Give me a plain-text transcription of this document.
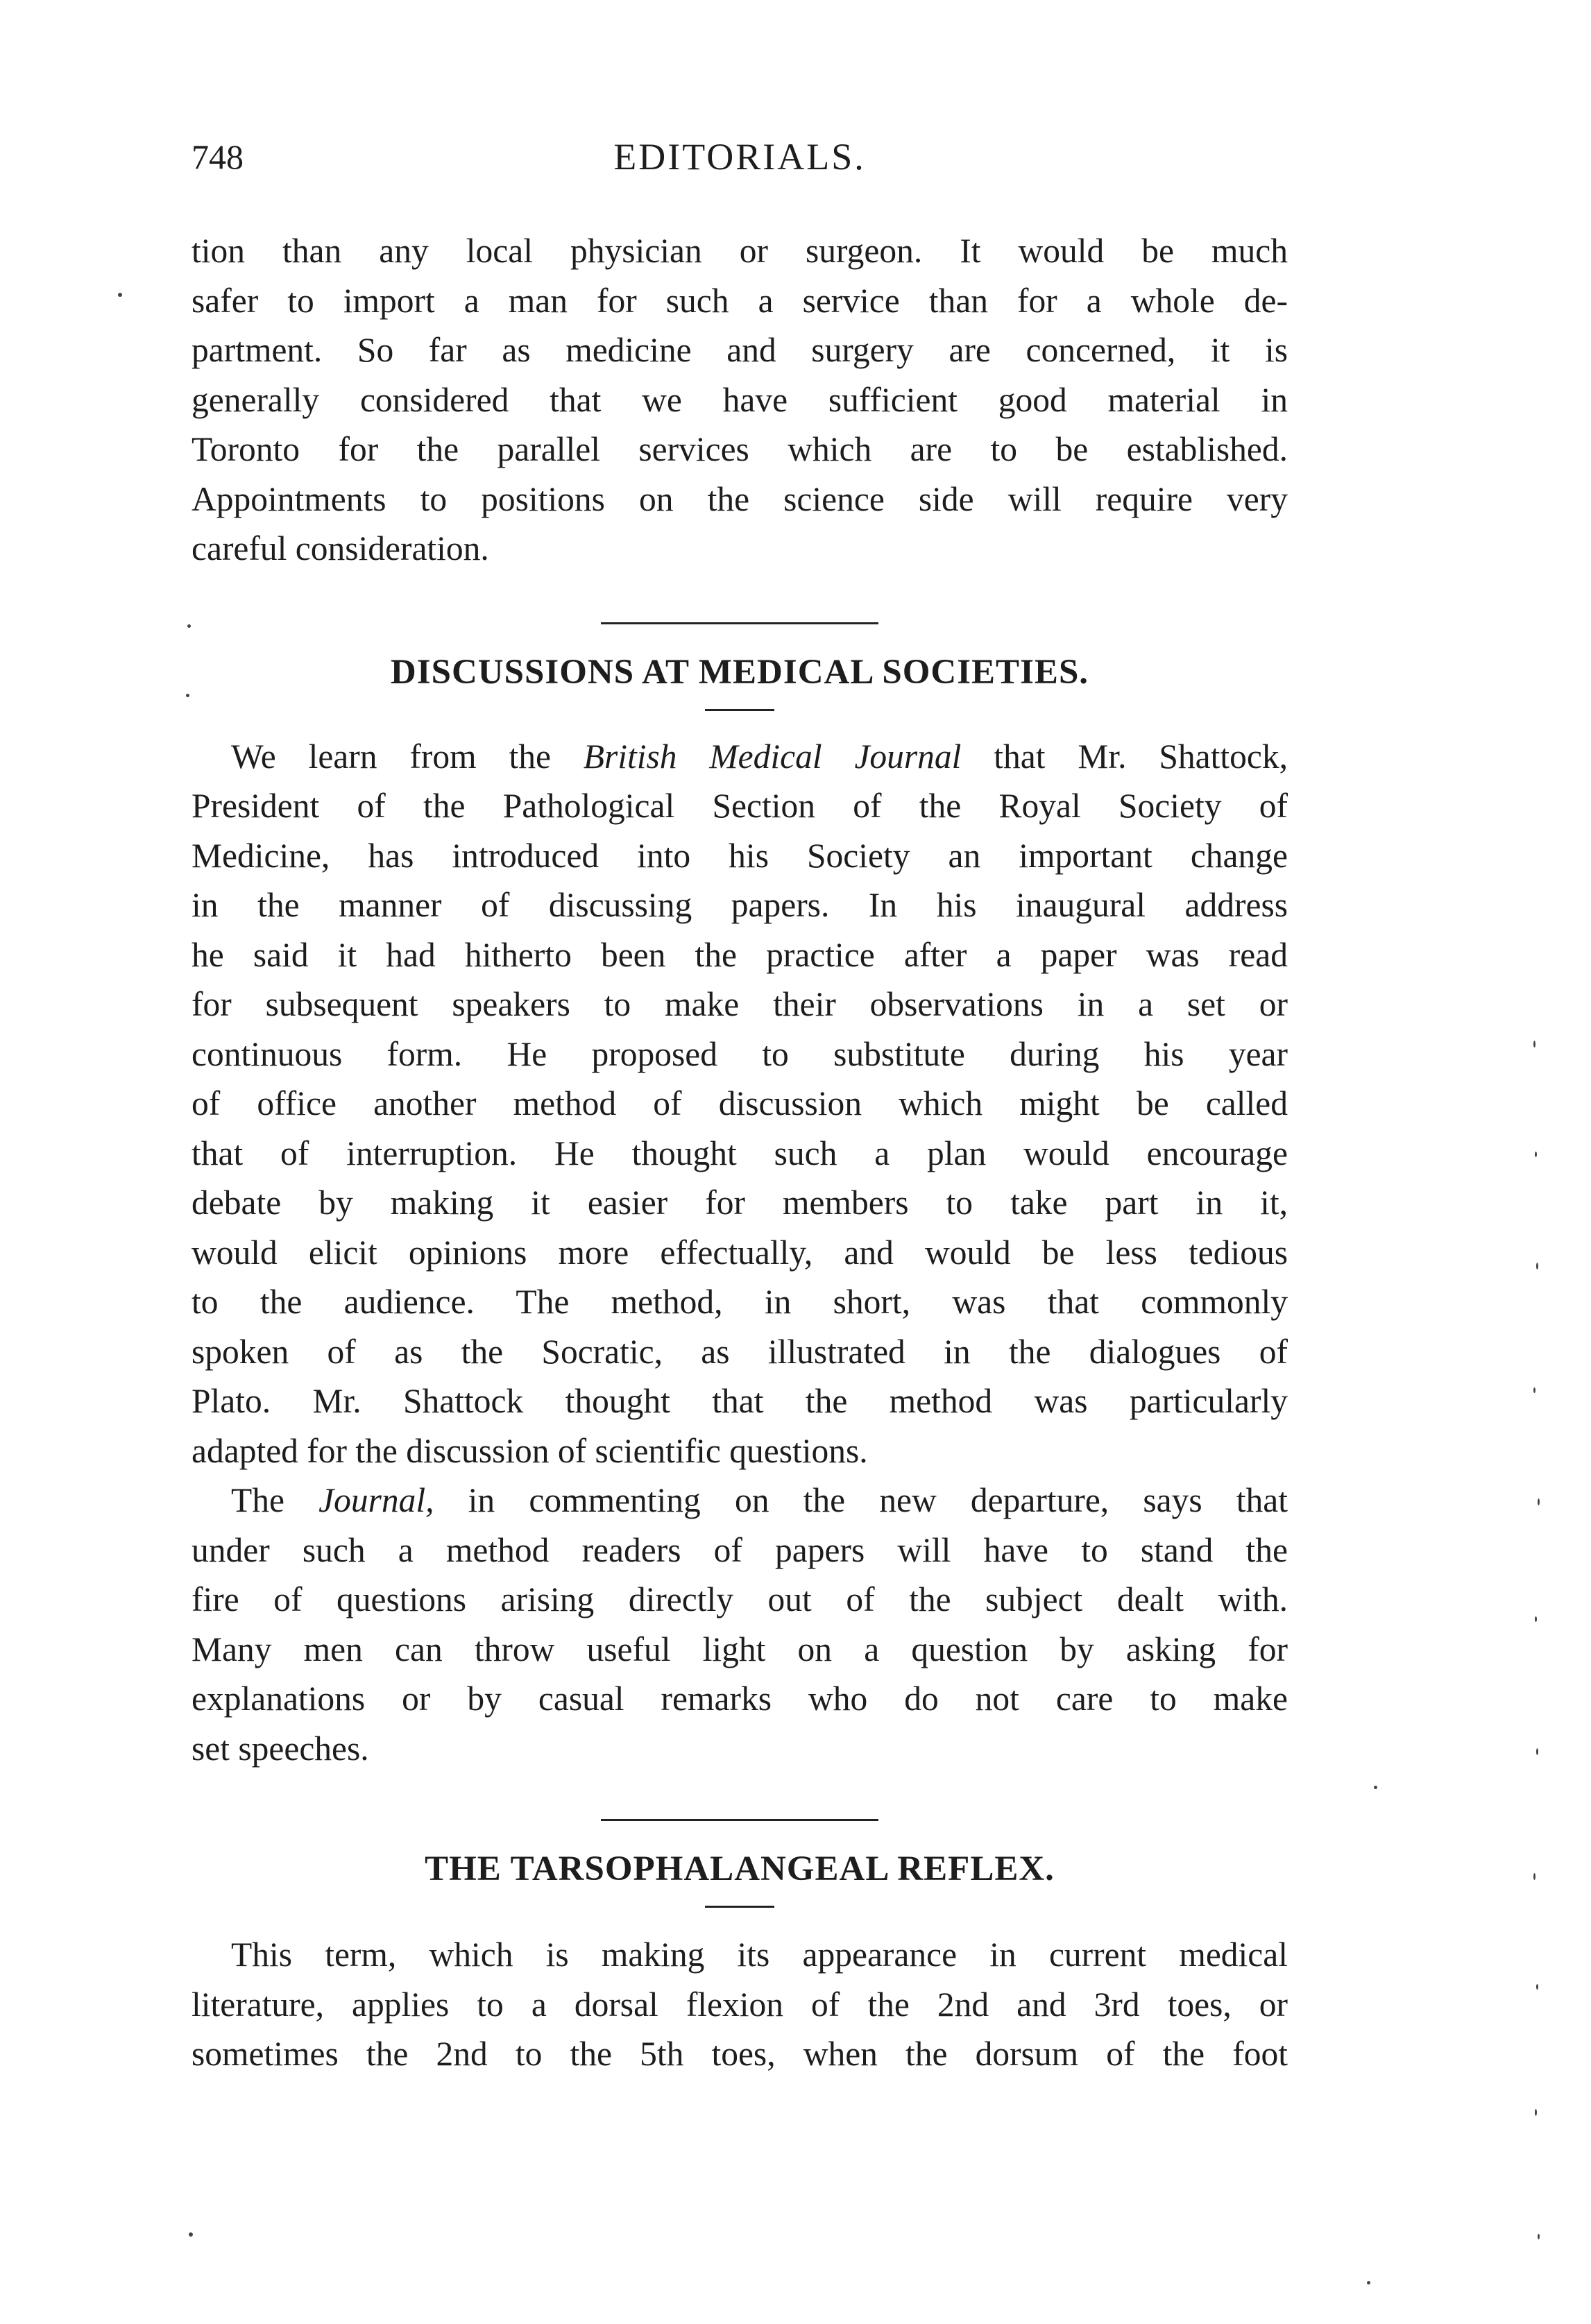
748	EDITORIALS.

tion than any local physician or surgeon. It would be much

safer to import a man for such a service than for a whole de-

partment. So far as medicine and surgery are concerned, it is

generally considered that we have sufficient good material in

Toronto for the parallel services which are to be established.

Appointments to positions on the science side will require very

careful consideration.

DISCUSSIONS AT MEDICAL SOCIETIES.

We learn from the British Medical Journal that Mr. Shattock,

President of the Pathological Section of the Royal Society of

Medicine, has introduced into his Society an important change

in the manner of discussing papers. In his inaugural address

he said it had hitherto been the practice after a paper was read

for subsequent speakers to make their observations in a set or

continuous form. He proposed to substitute during his year

of office another method of discussion which might be called

that of interruption. He thought such a plan would encourage

debate by making it easier for members to take part in it,

would elicit opinions more effectually, and would be less tedious

to the audience. The method, in short, was that commonly

spoken of as the Socratic, as illustrated in the dialogues of

Plato. Mr. Shattock thought that the method was particularly

adapted for the discussion of scientific questions.

The Journal, in commenting on the new departure, says that

under such a method readers of papers will have to stand the

fire of questions arising directly out of the subject dealt with.

Many men can throw useful light on a question by asking for

explanations or by casual remarks who do not care to make

set speeches.

THE TARSOPHALANGEAL REFLEX.

This term, which is making its appearance in current medical

literature, applies to a dorsal flexion of the 2nd and 3rd toes, or

sometimes the 2nd to the 5th toes, when the dorsum of the foot
